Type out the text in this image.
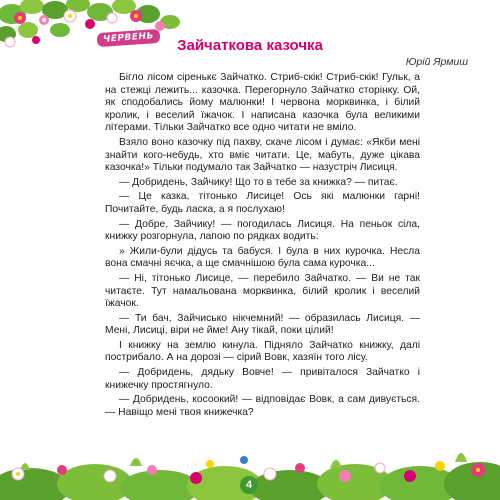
ЧЕРВЕНЬ	Зайчаткова казочка
Юрій Ярмиш

Бігло лісом сіренькє Зайчатко. Стриб-скік! Стриб-скік! Гульк, а на стежці лежить... казочка. Перегорнуло Зайчатко сторінку. Ой, як сподобались йому малюнки! І червона морквинка, і білий кролик, і веселий їжачок. І написана казочка була великими літерами. Тільки Зайчатко все одно читати не вміло.

Взяло воно казочку під пахву, скаче лісом і думає: «Якби мені знайти кого-небудь, хто вміє читати. Це, мабуть, дуже цікава казочка!» Тільки подумало так Зайчатко — назустріч Лисиця.

— Добридень, Зайчику! Що то в тебе за книжка? — питає.

— Це казка, тітонько Лисице! Ось які малюнки гарні! Почитайте, будь ласка, а я послухаю!

— Добре, Зайчику! — погодилась Лисиця. На пеньок сіла, книжку розгорнула, лапою по рядках водить:

» Жили-були дідусь та бабуся. І була в них курочка. Несла вона смачні яєчка, а ще смачнішою була сама курочка...

— Ні, тітонько Лисице, — перебило Зайчатко. — Ви не так читаєте. Тут намальована морквинка, білий кролик і веселий їжачок.

— Ти бач, Зайчисько нікчемний! — образилась Лисиця. — Мені, Лисиці, віри не йме! Ану тікай, поки цілий!

І книжку на землю кинула. Підняло Зайчатко книжку, далі пострибало. А на дорозі — сірий Вовк, хазяїн того лісу.

— Добридень, дядьку Вовче! — привіталося Зайчатко і книжечку простягнуло.

— Добридень, косоокий! — відповідає Вовк, а сам дивується. — Навіщо мені твоя книжечка?

4
